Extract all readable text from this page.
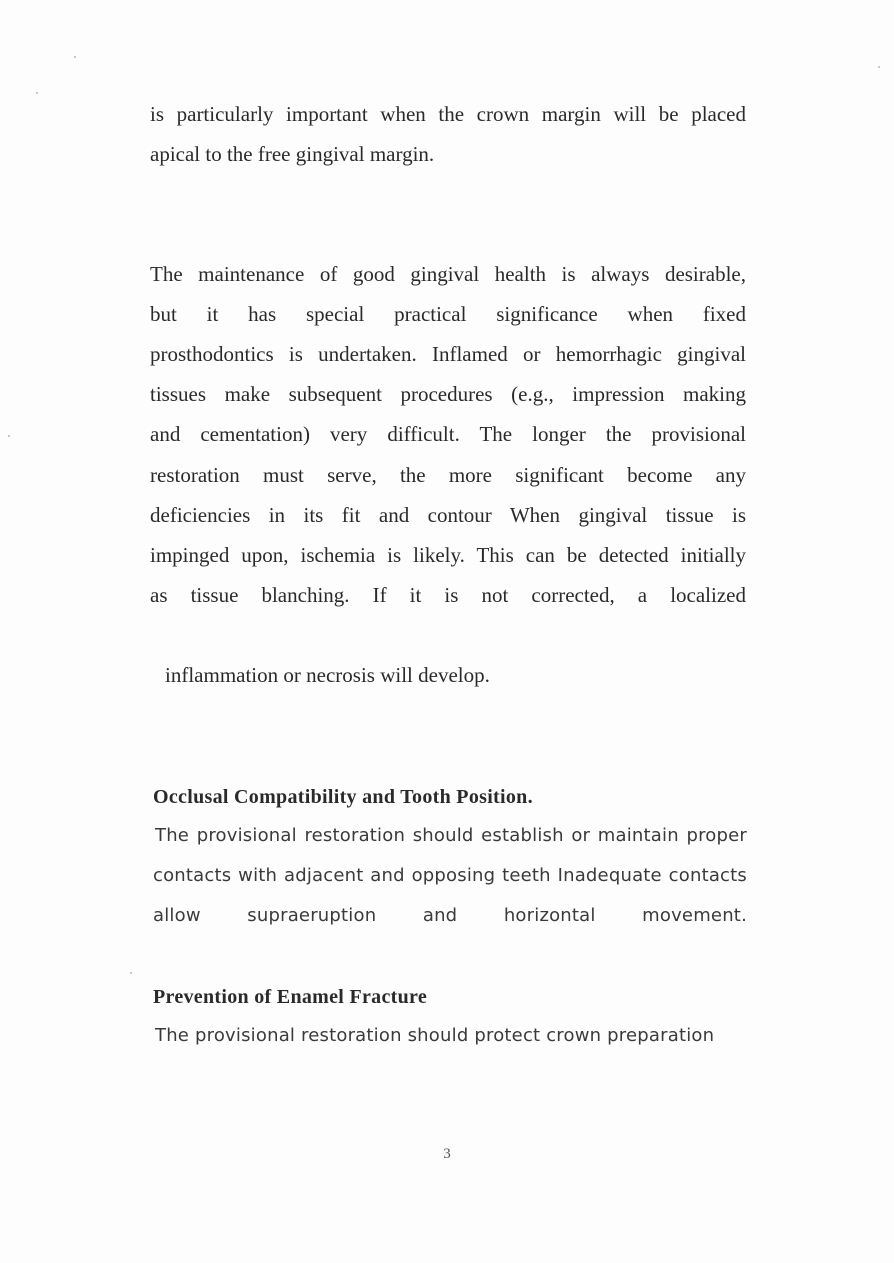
is particularly important when the crown margin will be placed
apical to the free gingival margin.
The maintenance of good gingival health is always desirable,
but it has special practical significance when fixed
prosthodontics is undertaken. Inflamed or hemorrhagic gingival
tissues make subsequent procedures (e.g., impression making
and cementation) very difficult. The longer the provisional
restoration must serve, the more significant become any
deficiencies in its fit and contour When gingival tissue is
impinged upon, ischemia is likely. This can be detected initially
as tissue blanching. If it is not corrected, a localized
inflammation or necrosis will develop.
Occlusal Compatibility and Tooth Position.
The provisional restoration should establish or maintain proper
contacts with adjacent and opposing teeth Inadequate contacts
allow supraeruption and horizontal movement.
Prevention of Enamel Fracture
The provisional restoration should protect crown preparation
3
